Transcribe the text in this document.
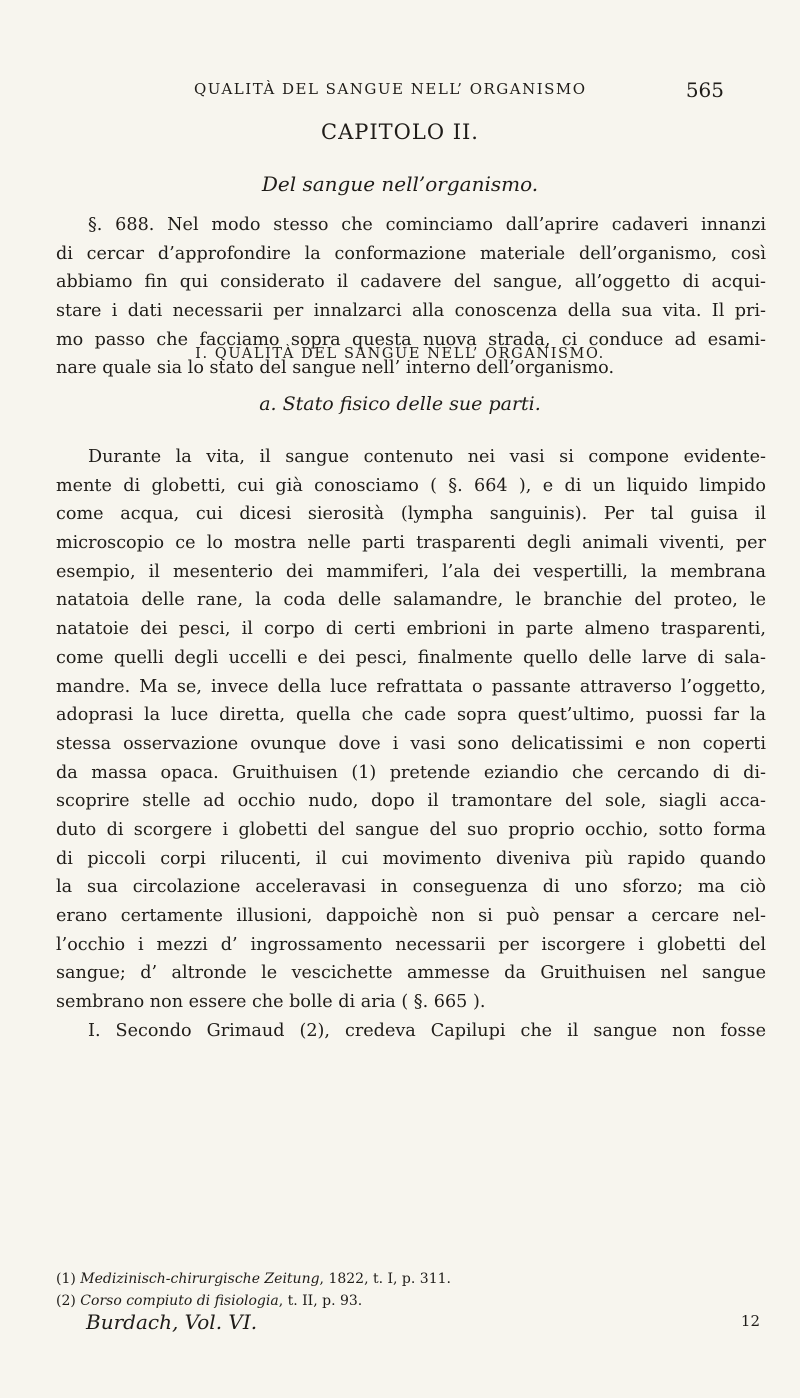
QUALITÀ DEL SANGUE NELL’ ORGANISMO	565
CAPITOLO II.
Del sangue nell’organismo.
§. 688. Nel modo stesso che cominciamo dall’aprire cadaveri innanzi
di cercar d’approfondire la conformazione materiale dell’organismo, così
abbiamo fin qui considerato il cadavere del sangue, all’oggetto di acqui-
stare i dati necessarii per innalzarci alla conoscenza della sua vita. Il pri-
mo passo che facciamo sopra questa nuova strada, ci conduce ad esami-
nare quale sia lo stato del sangue nell’ interno dell’organismo.
I. QUALITÀ DEL SANGUE NELL’ ORGANISMO.
a. Stato fisico delle sue parti.
Durante la vita, il sangue contenuto nei vasi si compone evidente-
mente di globetti, cui già conosciamo ( §. 664 ), e di un liquido limpido
come acqua, cui dicesi sierosità (lympha sanguinis). Per tal guisa il
microscopio ce lo mostra nelle parti trasparenti degli animali viventi, per
esempio, il mesenterio dei mammiferi, l’ala dei vespertilli, la membrana
natatoia delle rane, la coda delle salamandre, le branchie del proteo, le
natatoie dei pesci, il corpo di certi embrioni in parte almeno trasparenti,
come quelli degli uccelli e dei pesci, finalmente quello delle larve di sala-
mandre. Ma se, invece della luce refrattata o passante attraverso l’oggetto,
adoprasi la luce diretta, quella che cade sopra quest’ultimo, puossi far la
stessa osservazione ovunque dove i vasi sono delicatissimi e non coperti
da massa opaca. Gruithuisen (1) pretende eziandio che cercando di di-
scoprire stelle ad occhio nudo, dopo il tramontare del sole, siagli acca-
duto di scorgere i globetti del sangue del suo proprio occhio, sotto forma
di piccoli corpi rilucenti, il cui movimento diveniva più rapido quando
la sua circolazione acceleravasi in conseguenza di uno sforzo; ma ciò
erano certamente illusioni, dappoichè non si può pensar a cercare nel-
l’occhio i mezzi d’ ingrossamento necessarii per iscorgere i globetti del
sangue; d’ altronde le vescichette ammesse da Gruithuisen nel sangue
sembrano non essere che bolle di aria ( §. 665 ).
I. Secondo Grimaud (2), credeva Capilupi che il sangue non fosse
(1) Medizinisch-chirurgische Zeitung, 1822, t. I, p. 311.
(2) Corso compiuto di fisiologia, t. II, p. 93.
Burdach, Vol. VI.	12
